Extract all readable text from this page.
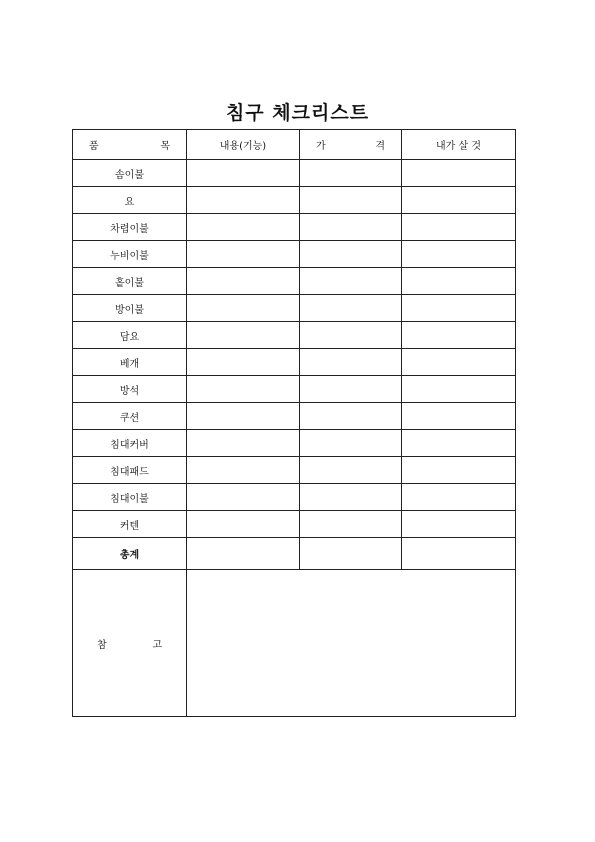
침구 체크리스트
품 목	내용(기능)	가 격	내가 살 것
솜이불			
요			
차렵이불			
누비이불			
홑이불			
방이불			
담요			
베개			
방석			
쿠션			
침대커버			
침대패드			
침대이불			
커텐			
총계			

참 고			
